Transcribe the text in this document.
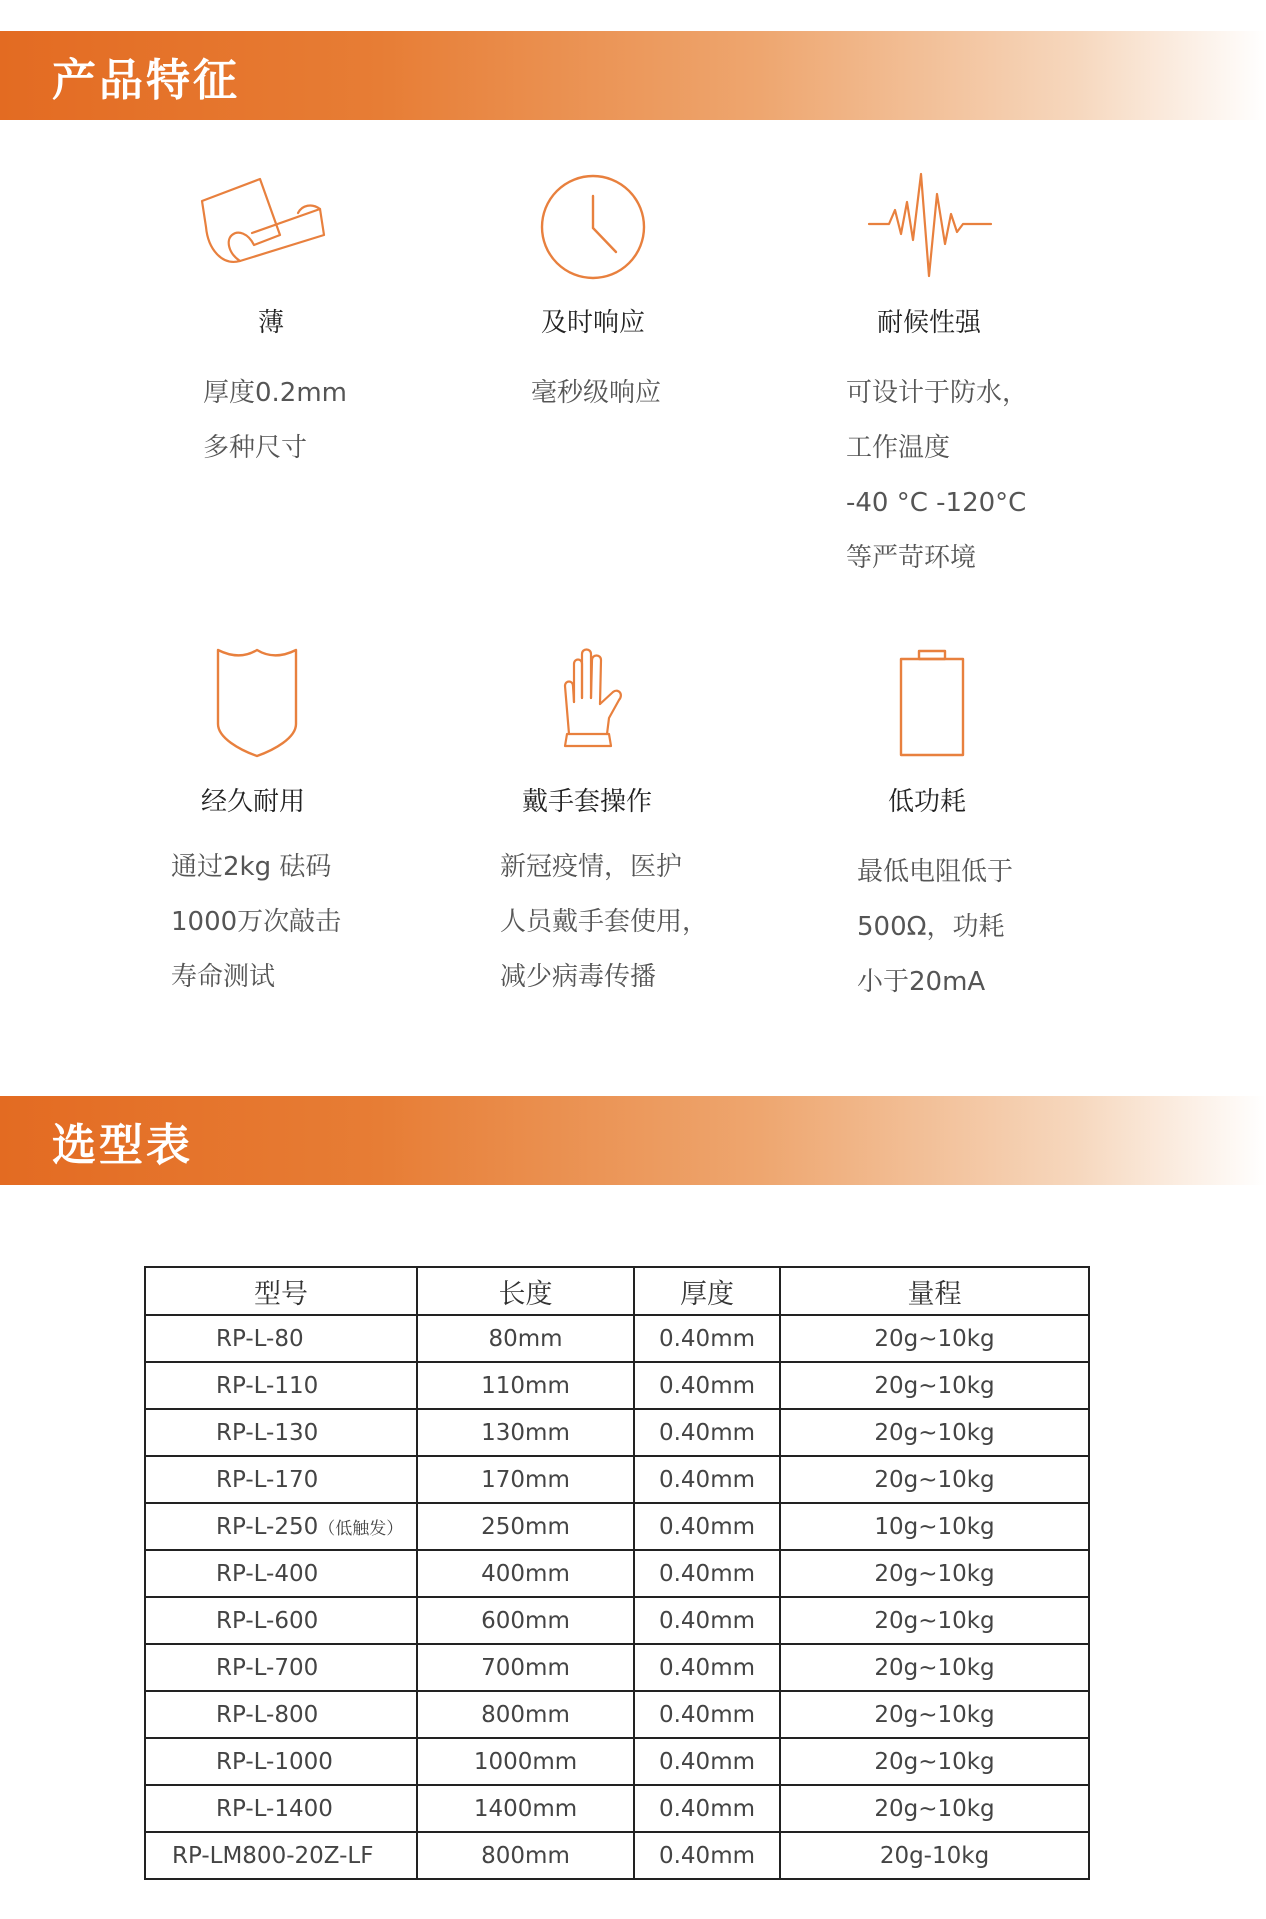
产品特征
薄
厚度0.2mm
多种尺寸
及时响应
毫秒级响应
耐候性强
可设计于防水，
工作温度
-40 °C -120°C
等严苛环境
经久耐用
通过2kg 砝码
1000万次敲击
寿命测试
戴手套操作
新冠疫情，医护
人员戴手套使用，
减少病毒传播
低功耗
最低电阻低于
500Ω，功耗
小于20mA
选型表
型号	长度	厚度	量程
RP-L-80	80mm	0.40mm	20g~10kg
RP-L-110	110mm	0.40mm	20g~10kg
RP-L-130	130mm	0.40mm	20g~10kg
RP-L-170	170mm	0.40mm	20g~10kg
RP-L-250（低触发）	250mm	0.40mm	10g~10kg
RP-L-400	400mm	0.40mm	20g~10kg
RP-L-600	600mm	0.40mm	20g~10kg
RP-L-700	700mm	0.40mm	20g~10kg
RP-L-800	800mm	0.40mm	20g~10kg
RP-L-1000	1000mm	0.40mm	20g~10kg
RP-L-1400	1400mm	0.40mm	20g~10kg
RP-LM800-20Z-LF	800mm	0.40mm	20g-10kg
